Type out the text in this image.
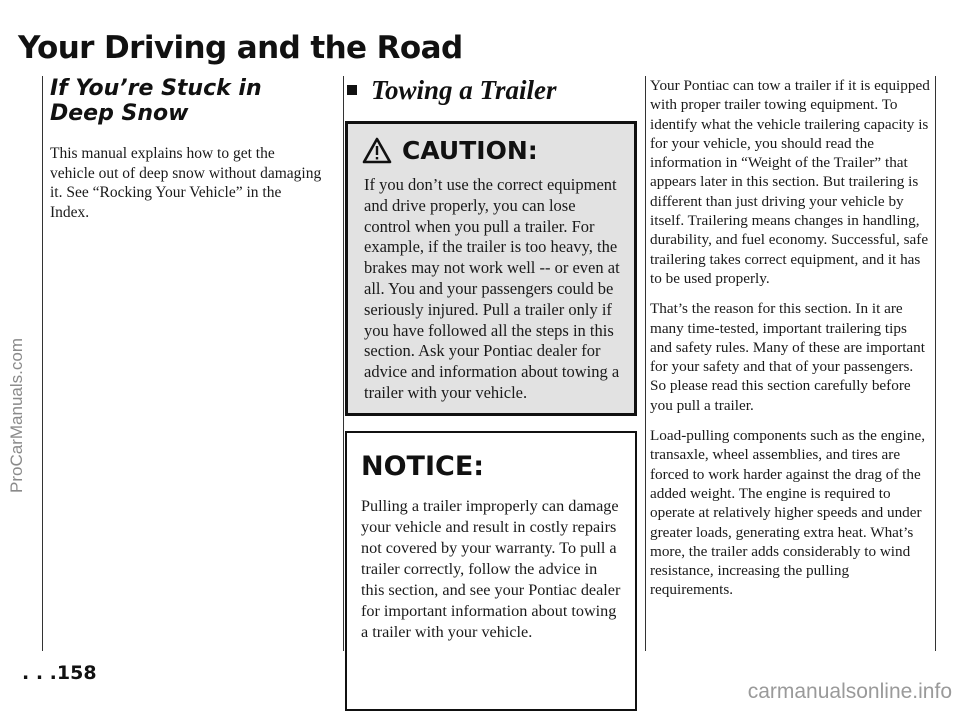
Your Driving and the Road
ProCarManuals.com
If You’re Stuck in Deep Snow

This manual explains how to get the vehicle out of deep snow without damaging it. See “Rocking Your Vehicle” in the Index.

Towing a Trailer
CAUTION:

If you don’t use the correct equipment and drive properly, you can lose control when you pull a trailer. For example, if the trailer is too heavy, the brakes may not work well -- or even at all. You and your passengers could be seriously injured. Pull a trailer only if you have followed all the steps in this section. Ask your Pontiac dealer for advice and information about towing a trailer with your vehicle.

NOTICE:

Pulling a trailer improperly can damage your vehicle and result in costly repairs not covered by your warranty. To pull a trailer correctly, follow the advice in this section, and see your Pontiac dealer for important information about towing a trailer with your vehicle.

Your Pontiac can tow a trailer if it is equipped with proper trailer towing equipment. To identify what the vehicle trailering capacity is for your vehicle, you should read the information in “Weight of the Trailer” that appears later in this section. But trailering is different than just driving your vehicle by itself. Trailering means changes in handling, durability, and fuel economy. Successful, safe trailering takes correct equipment, and it has to be used properly.

That’s the reason for this section. In it are many time-tested, important trailering tips and safety rules. Many of these are important for your safety and that of your passengers. So please read this section carefully before you pull a trailer.

Load-pulling components such as the engine, transaxle, wheel assemblies, and tires are forced to work harder against the drag of the added weight. The engine is required to operate at relatively higher speeds and under greater loads, generating extra heat. What’s more, the trailer adds considerably to wind resistance, increasing the pulling requirements.

. . .158
carmanualsonline.info
